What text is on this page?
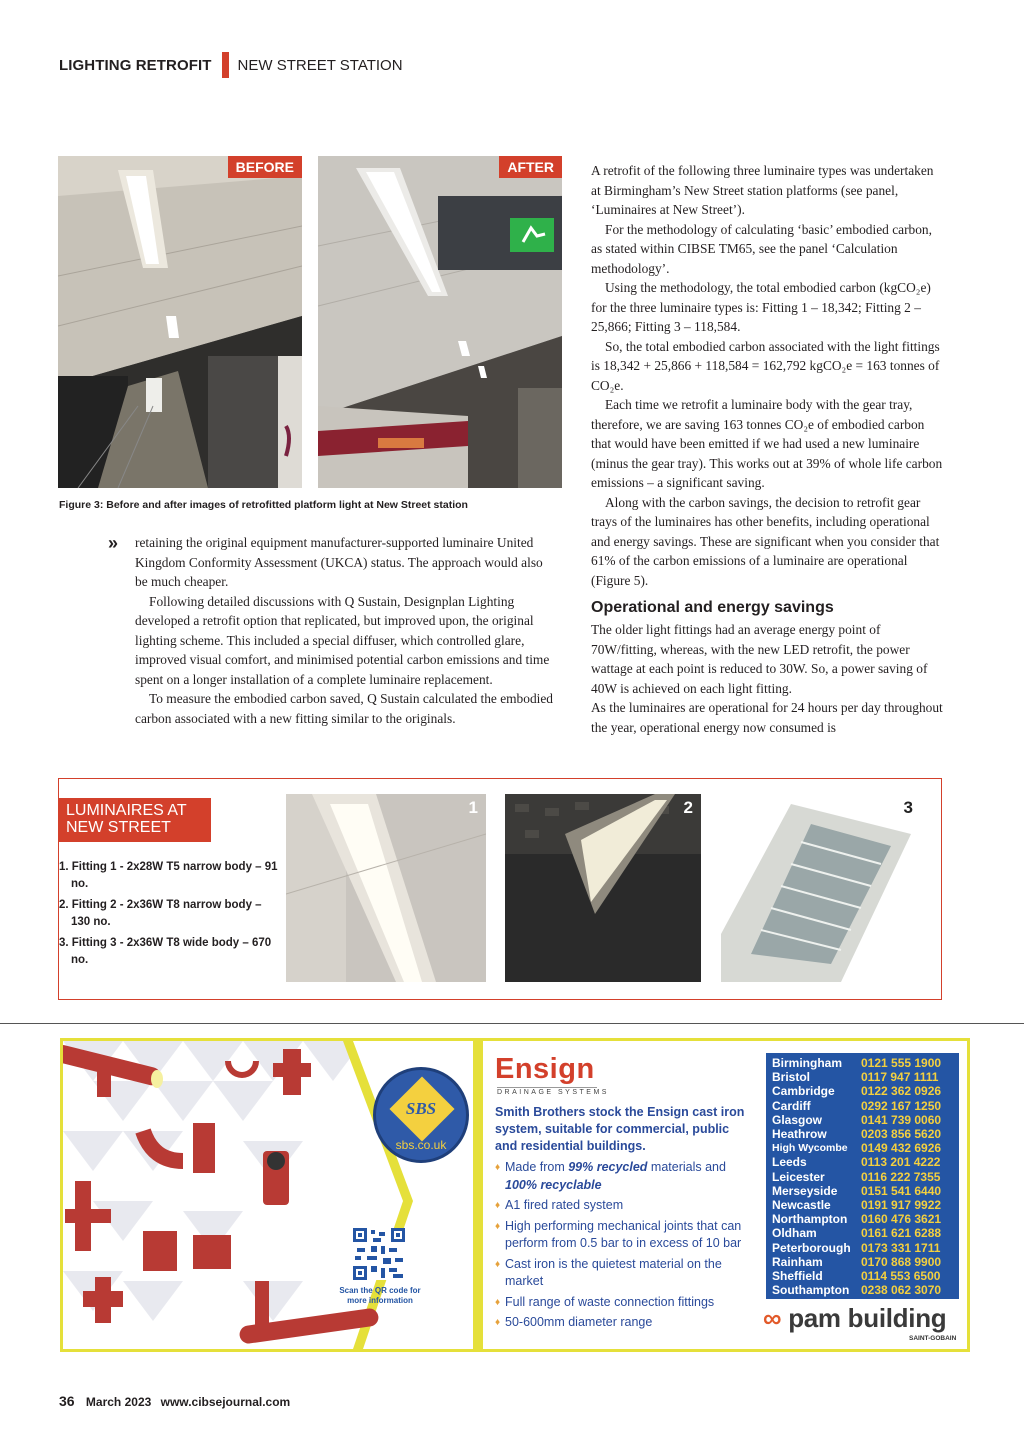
LIGHTING RETROFIT NEW STREET STATION
BEFORE	AFTER
Figure 3: Before and after images of retrofitted platform light at New Street station
» retaining the original equipment manufacturer-supported luminaire United Kingdom Conformity Assessment (UKCA) status. The approach would also be much cheaper.

Following detailed discussions with Q Sustain, Designplan Lighting developed a retrofit option that replicated, but improved upon, the original lighting scheme. This included a special diffuser, which controlled glare, improved visual comfort, and minimised potential carbon emissions and time spent on a longer installation of a complete luminaire replacement.

To measure the embodied carbon saved, Q Sustain calculated the embodied carbon associated with a new fitting similar to the originals.

A retrofit of the following three luminaire types was undertaken at Birmingham’s New Street station platforms (see panel, ‘Luminaires at New Street’).

For the methodology of calculating ‘basic’ embodied carbon, as stated within CIBSE TM65, see the panel ‘Calculation methodology’.

Using the methodology, the total embodied carbon (kgCO₂e) for the three luminaire types is: Fitting 1 – 18,342; Fitting 2 – 25,866; Fitting 3 – 118,584.

So, the total embodied carbon associated with the light fittings is 18,342 + 25,866 + 118,584 = 162,792 kgCO₂e = 163 tonnes of CO₂e.

Each time we retrofit a luminaire body with the gear tray, therefore, we are saving 163 tonnes CO₂e of embodied carbon that would have been emitted if we had used a new luminaire (minus the gear tray). This works out at 39% of whole life carbon emissions – a significant saving.

Along with the carbon savings, the decision to retrofit gear trays of the luminaires has other benefits, including operational and energy savings. These are significant when you consider that 61% of the carbon emissions of a luminaire are operational (Figure 5).

Operational and energy savings

The older light fittings had an average energy point of 70W/fitting, whereas, with the new LED retrofit, the power wattage at each point is reduced to 30W. So, a power saving of 40W is achieved on each light fitting.

As the luminaires are operational for 24 hours per day throughout the year, operational energy now consumed is

LUMINAIRES AT NEW STREET
1. Fitting 1 - 2x28W T5 narrow body – 91 no.
2. Fitting 2 - 2x36W T8 narrow body – 130 no.
3. Fitting 3 - 2x36W T8 wide body – 670 no.
1	2	3
SBS
sbs.co.uk
Scan the QR code for more information
Ensign
DRAINAGE SYSTEMS
Smith Brothers stock the Ensign cast iron system, suitable for commercial, public and residential buildings.
♦ Made from 99% recycled materials and 100% recyclable
♦ A1 fired rated system
♦ High performing mechanical joints that can perform from 0.5 bar to in excess of 10 bar
♦ Cast iron is the quietest material on the market
♦ Full range of waste connection fittings
♦ 50-600mm diameter range
Birmingham	0121 555 1900
Bristol	0117 947 1111
Cambridge	0122 362 0926
Cardiff	0292 167 1250
Glasgow	0141 739 0060
Heathrow	0203 856 5620
High Wycombe	0149 432 6926
Leeds	0113 201 4222
Leicester	0116 222 7355
Merseyside	0151 541 6440
Newcastle	0191 917 9922
Northampton	0160 476 3621
Oldham	0161 621 6288
Peterborough 0173 331 1711
Rainham	0170 868 9900
Sheffield	0114 553 6500
Southampton 0238 062 3070
∞ pam building
SAINT-GOBAIN
36 March 2023 www.cibsejournal.com
